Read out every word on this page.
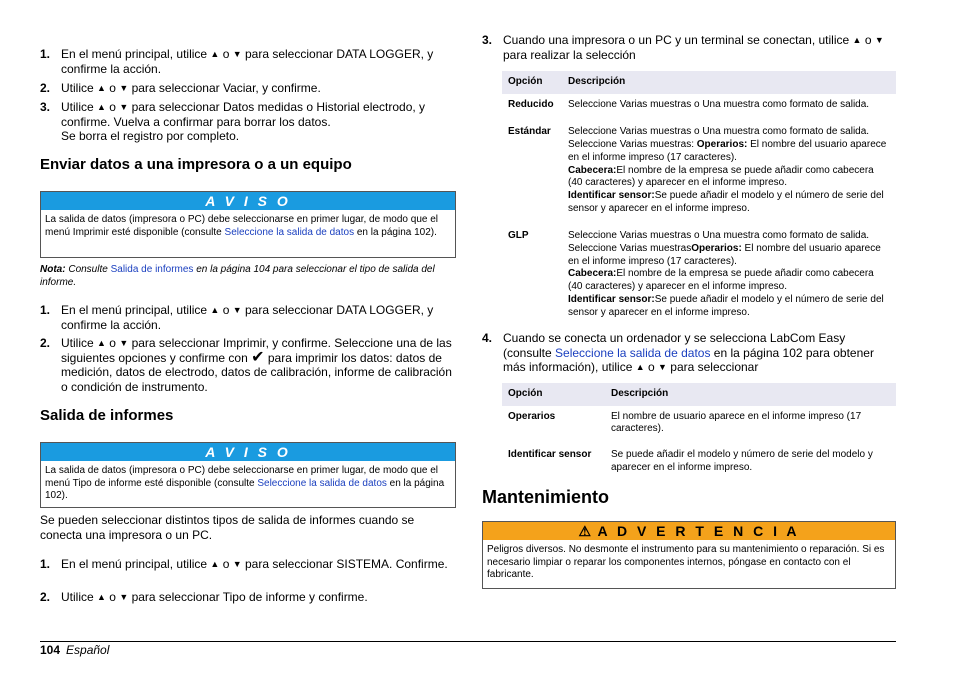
1. En el menú principal, utilice ▲ o ▼ para seleccionar DATA LOGGER, y confirme la acción.
2. Utilice ▲ o ▼ para seleccionar Vaciar, y confirme.
3. Utilice ▲ o ▼ para seleccionar Datos medidas o Historial electrodo, y confirme. Vuelva a confirmar para borrar los datos.
Se borra el registro por completo.
Enviar datos a una impresora o a un equipo
A V I S O
La salida de datos (impresora o PC) debe seleccionarse en primer lugar, de modo que el menú Imprimir esté disponible (consulte Seleccione la salida de datos en la página 102).
Nota: Consulte Salida de informes en la página 104 para seleccionar el tipo de salida del informe.
1. En el menú principal, utilice ▲ o ▼ para seleccionar DATA LOGGER, y confirme la acción.
2. Utilice ▲ o ▼ para seleccionar Imprimir, y confirme. Seleccione una de las siguientes opciones y confirme con ✔ para imprimir los datos: datos de medición, datos de electrodo, datos de calibración, informe de calibración o condición de instrumento.
Salida de informes
A V I S O
La salida de datos (impresora o PC) debe seleccionarse en primer lugar, de modo que el menú Tipo de informe esté disponible (consulte Seleccione la salida de datos en la página 102).
Se pueden seleccionar distintos tipos de salida de informes cuando se conecta una impresora o un PC.
1. En el menú principal, utilice ▲ o ▼ para seleccionar SISTEMA. Confirme.
2. Utilice ▲ o ▼ para seleccionar Tipo de informe y confirme.
3. Cuando una impresora o un PC y un terminal se conectan, utilice ▲ o ▼ para realizar la selección
Opción	Descripción
Reducido	Seleccione Varias muestras o Una muestra como formato de salida.
Estándar	Seleccione Varias muestras o Una muestra como formato de salida. Seleccione Varias muestras: Operarios: El nombre del usuario aparece en el informe impreso (17 caracteres).
Cabecera:El nombre de la empresa se puede añadir como cabecera (40 caracteres) y aparecer en el informe impreso.
Identificar sensor:Se puede añadir el modelo y el número de serie del sensor y aparecer en el informe impreso.
GLP	Seleccione Varias muestras o Una muestra como formato de salida. Seleccione Varias muestrasOperarios: El nombre del usuario aparece en el informe impreso (17 caracteres).
Cabecera:El nombre de la empresa se puede añadir como cabecera (40 caracteres) y aparecer en el informe impreso.
Identificar sensor:Se puede añadir el modelo y el número de serie del sensor y aparecer en el informe impreso.
4. Cuando se conecta un ordenador y se selecciona LabCom Easy (consulte Seleccione la salida de datos en la página 102 para obtener más información), utilice ▲ o ▼ para seleccionar
Opción	Descripción
Operarios	El nombre de usuario aparece en el informe impreso (17 caracteres).
Identificar sensor	Se puede añadir el modelo y número de serie del modelo y aparecer en el informe impreso.
Mantenimiento
⚠ A D V E R T E N C I A
Peligros diversos. No desmonte el instrumento para su mantenimiento o reparación. Si es necesario limpiar o reparar los componentes internos, póngase en contacto con el fabricante.
104 Español
